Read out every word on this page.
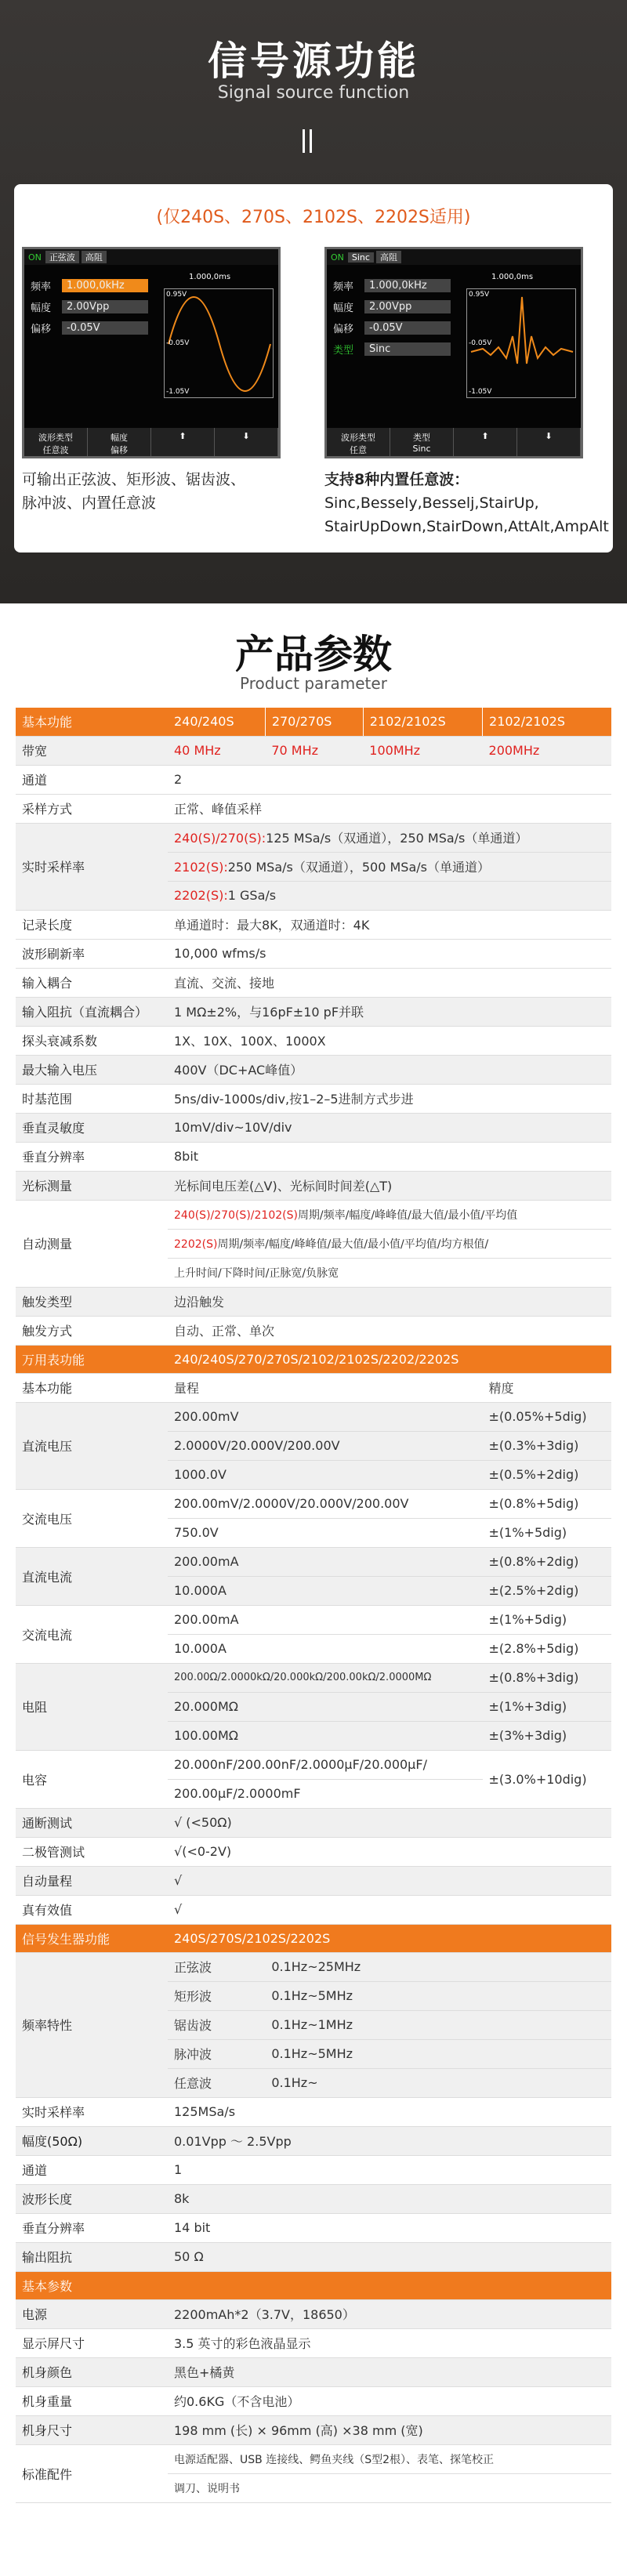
信号源功能
Signal source function
(仅240S、270S、2102S、2202S适用)
ON 正弦波	高阻
频率	1.000,0kHz
幅度	2.00Vpp
偏移	-0.05V
1.000,0ms
0.95V
-0.05V
-1.05V
波形类型
任意波
幅度
偏移
⬆	⬇
ON Sinc	高阻
频率	1.000,0kHz
幅度	2.00Vpp
偏移	-0.05V
类型	Sinc
1.000,0ms
0.95V
-0.05V
-1.05V
波形类型
任意
类型
Sinc
⬆	⬇
可输出正弦波、矩形波、锯齿波、
脉冲波、内置任意波
支持8种内置任意波：
Sinc,Bessely,Besselj,StairUp,
StairUpDown,StairDown,AttAlt,AmpAlt
产品参数
Product parameter
基本功能	240/240S	270/270S	2102/2102S	2102/2102S
带宽	40 MHz	70 MHz	100MHz	200MHz
通道	2			
采样方式	正常、峰值采样			
实时采样率	240(S)/270(S):125 MSa/s（双通道），250 MSa/s（单通道）			
	2102(S):250 MSa/s（双通道），500 MSa/s（单通道）			
	2202(S):1 GSa/s			
记录长度	单通道时：最大8K，双通道时：4K			
波形刷新率	10,000 wfms/s			
输入耦合	直流、交流、接地			
输入阻抗（直流耦合）	1 MΩ±2%，与16pF±10 pF并联			
探头衰减系数	1X、10X、100X、1000X			
最大输入电压	400V（DC+AC峰值）			
时基范围	5ns/div-1000s/div,按1–2–5进制方式步进			
垂直灵敏度	10mV/div~10V/div			
垂直分辨率	8bit			
光标测量	光标间电压差(△V)、光标间时间差(△T)			
自动测量	240(S)/270(S)/2102(S)周期/频率/幅度/峰峰值/最大值/最小值/平均值			
	2202(S)周期/频率/幅度/峰峰值/最大值/最小值/平均值/均方根值/			
	上升时间/下降时间/正脉宽/负脉宽			
触发类型	边沿触发			
触发方式	自动、正常、单次			
万用表功能	240/240S/270/270S/2102/2102S/2202/2202S			
基本功能	量程			精度
直流电压	200.00mV			±(0.05%+5dig)
	2.0000V/20.000V/200.00V			±(0.3%+3dig)
	1000.0V			±(0.5%+2dig)
交流电压	200.00mV/2.0000V/20.000V/200.00V			±(0.8%+5dig)
	750.0V			±(1%+5dig)
直流电流	200.00mA			±(0.8%+2dig)
	10.000A			±(2.5%+2dig)
交流电流	200.00mA			±(1%+5dig)
	10.000A			±(2.8%+5dig)
电阻	200.00Ω/2.0000kΩ/20.000kΩ/200.00kΩ/2.0000MΩ			±(0.8%+3dig)
	20.000MΩ			±(1%+3dig)
	100.00MΩ			±(3%+3dig)
电容	20.000nF/200.00nF/2.0000μF/20.000μF/			±(3.0%+10dig)
	200.00μF/2.0000mF			
通断测试	√ (<50Ω)			
二极管测试	√(<0-2V)			
自动量程	√			
真有效值	√			
信号发生器功能	240S/270S/2102S/2202S			
频率特性	正弦波	0.1Hz~25MHz		
	矩形波	0.1Hz~5MHz		
	锯齿波	0.1Hz~1MHz		
	脉冲波	0.1Hz~5MHz		
	任意波	0.1Hz~		
实时采样率	125MSa/s			
幅度(50Ω)	0.01Vpp ～ 2.5Vpp			
通道	1			
波形长度	8k			
垂直分辨率	14 bit			
输出阻抗	50 Ω			
基本参数				
电源	2200mAh*2（3.7V，18650）			
显示屏尺寸	3.5 英寸的彩色液晶显示			
机身颜色	黑色+橘黄			
机身重量	约0.6KG（不含电池）			
机身尺寸	198 mm (长) × 96mm (高) ×38 mm (宽)			
标准配件	电源适配器、USB 连接线、鳄鱼夹线（S型2根）、表笔、探笔校正			
	调刀、说明书			
